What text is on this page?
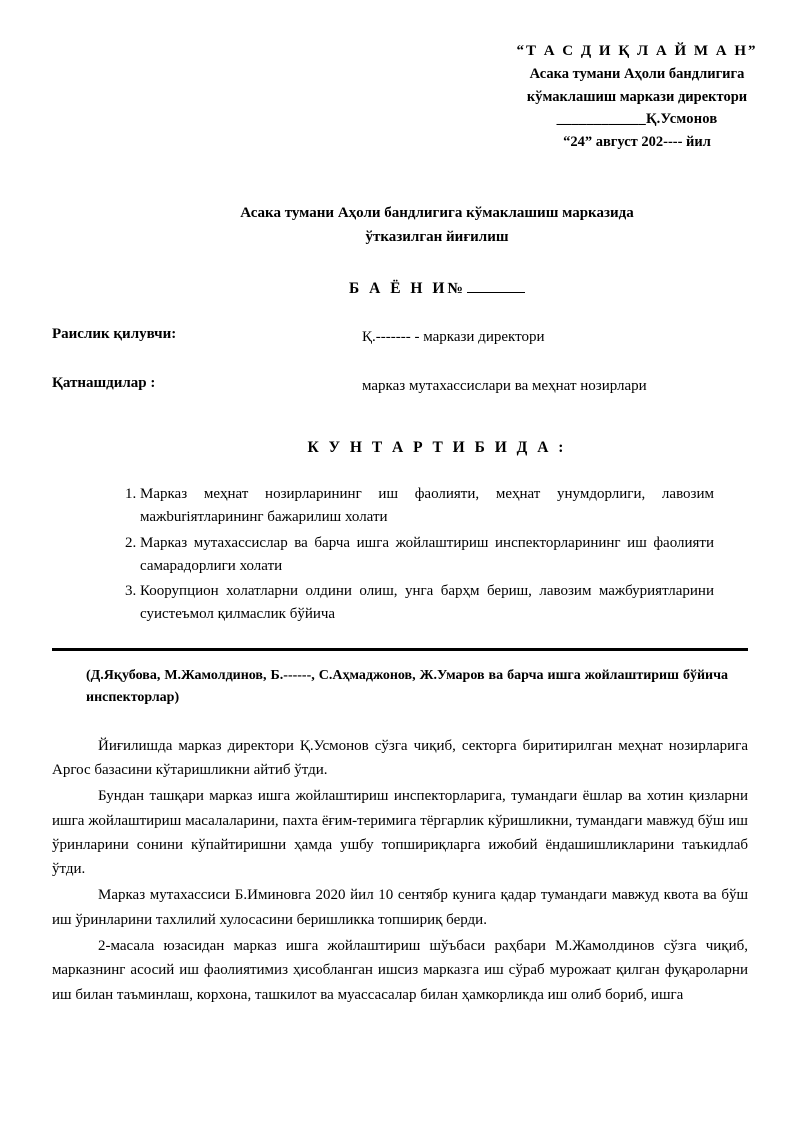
“Т А С Д И Қ Л А Й М А Н”
Асака тумани Аҳоли бандлигига
кўмаклашиш маркази директори
____________Қ.Усмонов
“24” август 202---- йил
Асака тумани Аҳоли бандлигига кўмаклашиш марказида
ўтказилган йиғилиш
Б А Ё Н И№
Раислик қилувчи:	Қ.------- - маркази директори
Қатнашдилар :	марказ мутахассислари ва меҳнат нозирлари
К У Н Т А Р Т И Б И Д А :
1. Марказ меҳнат нозирларининг иш фаолияти, меҳнат унумдорлиги, лавозим мажburiятларининг бажарилиш холати
2. Марказ мутахассислар ва барча ишга жойлаштириш инспекторларининг иш фаолияти самарадорлиги холати
3. Коорупцион холатларни олдини олиш, унга барҳм бериш, лавозим мажбуриятларини суистеъмол қилмаслик бўйича
(Д.Яқубова, М.Жамолдинов, Б.------, С.Аҳмаджонов, Ж.Умаров ва барча ишга жойлаштириш бўйича инспекторлар)

Йиғилишда марказ директори Қ.Усмонов сўзга чиқиб, секторга биритирилган меҳнат нозирларига Аргос базасини кўтаришликни айтиб ўтди.

Бундан ташқари марказ ишга жойлаштириш инспекторларига, тумандаги ёшлар ва хотин қизларни ишга жойлаштириш масалаларини, пахта ёғим-теримига тёргарлик кўришликни, тумандаги мавжуд бўш иш ўринларини сонини кўпайтиришни ҳамда ушбу топшириқларга ижобий ёндашишликларини таъкидлаб ўтди.

Марказ мутахассиси Б.Иминовга 2020 йил 10 сентябр кунига қадар тумандаги мавжуд квота ва бўш иш ўринларини тахлилий хулосасини беришликка топшириқ берди.

2-масала юзасидан марказ ишга жойлаштириш шўъбаси раҳбари М.Жамолдинов сўзга чиқиб, марказнинг асосий иш фаолиятимиз ҳисобланган ишсиз марказга иш сўраб мурожаат қилган фуқароларни иш билан таъминлаш, корхона, ташкилот ва муассасалар билан ҳамкорликда иш олиб бориб, ишга
